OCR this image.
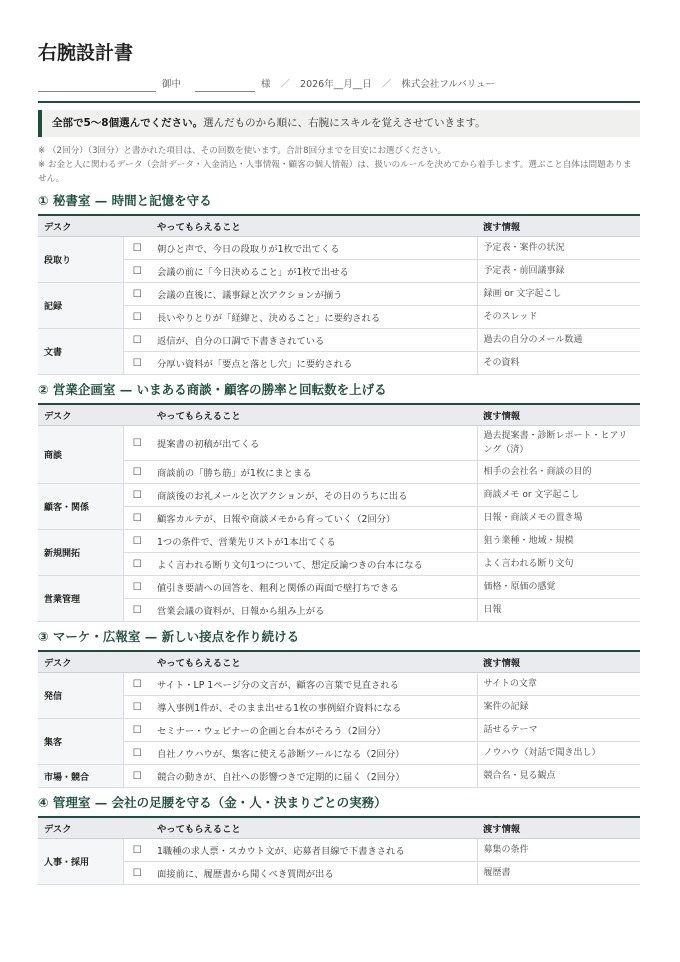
右腕設計書
御中	様 ／ 2026年__月__日 ／ 株式会社フルバリュー
全部で5〜8個選んでください。選んだものから順に、右腕にスキルを覚えさせていきます。
※ （2回分）（3回分）と書かれた項目は、その回数を使います。合計8回分までを目安にお選びください。
※ お金と人に関わるデータ（会計データ・入金消込・人事情報・顧客の個人情報）は、扱いのルールを決めてから着手します。選ぶこと自体は問題ありません。
① 秘書室 — 時間と記憶を守る
デスク	やってもらえること		渡す情報
段取り	☐	朝ひと声で、今日の段取りが1枚で出てくる	予定表・案件の状況
	☐	会議の前に「今日決めること」が1枚で出せる	予定表・前回議事録
記録	☐	会議の直後に、議事録と次アクションが揃う	録画 or 文字起こし
	☐	長いやりとりが「経緯と、決めること」に要約される	そのスレッド
文書	☐	返信が、自分の口調で下書きされている	過去の自分のメール数通
	☐	分厚い資料が「要点と落とし穴」に要約される	その資料
② 営業企画室 — いまある商談・顧客の勝率と回転数を上げる
デスク	やってもらえること		渡す情報
商談	☐	提案書の初稿が出てくる	過去提案書・診断レポート・ヒアリング（済）
	☐	商談前の「勝ち筋」が1枚にまとまる	相手の会社名・商談の目的
顧客・関係	☐	商談後のお礼メールと次アクションが、その日のうちに出る	商談メモ or 文字起こし
	☐	顧客カルテが、日報や商談メモから育っていく（2回分）	日報・商談メモの置き場
新規開拓	☐	1つの条件で、営業先リストが1本出てくる	狙う業種・地域・規模
	☐	よく言われる断り文句1つについて、想定反論つきの台本になる	よく言われる断り文句
営業管理	☐	値引き要請への回答を、粗利と関係の両面で壁打ちできる	価格・原価の感覚
	☐	営業会議の資料が、日報から組み上がる	日報
③ マーケ・広報室 — 新しい接点を作り続ける
デスク	やってもらえること		渡す情報
発信	☐	サイト・LP 1ページ分の文言が、顧客の言葉で見直される	サイトの文章
	☐	導入事例1件が、そのまま出せる1枚の事例紹介資料になる	案件の記録
集客	☐	セミナー・ウェビナーの企画と台本がそろう（2回分）	話せるテーマ
	☐	自社ノウハウが、集客に使える診断ツールになる（2回分）	ノウハウ（対話で聞き出し）
市場・競合	☐	競合の動きが、自社への影響つきで定期的に届く（2回分）	競合名・見る観点
④ 管理室 — 会社の足腰を守る（金・人・決まりごとの実務）
デスク	やってもらえること		渡す情報
人事・採用	☐	1職種の求人票・スカウト文が、応募者目線で下書きされる	募集の条件
	☐	面接前に、履歴書から聞くべき質問が出る	履歴書
